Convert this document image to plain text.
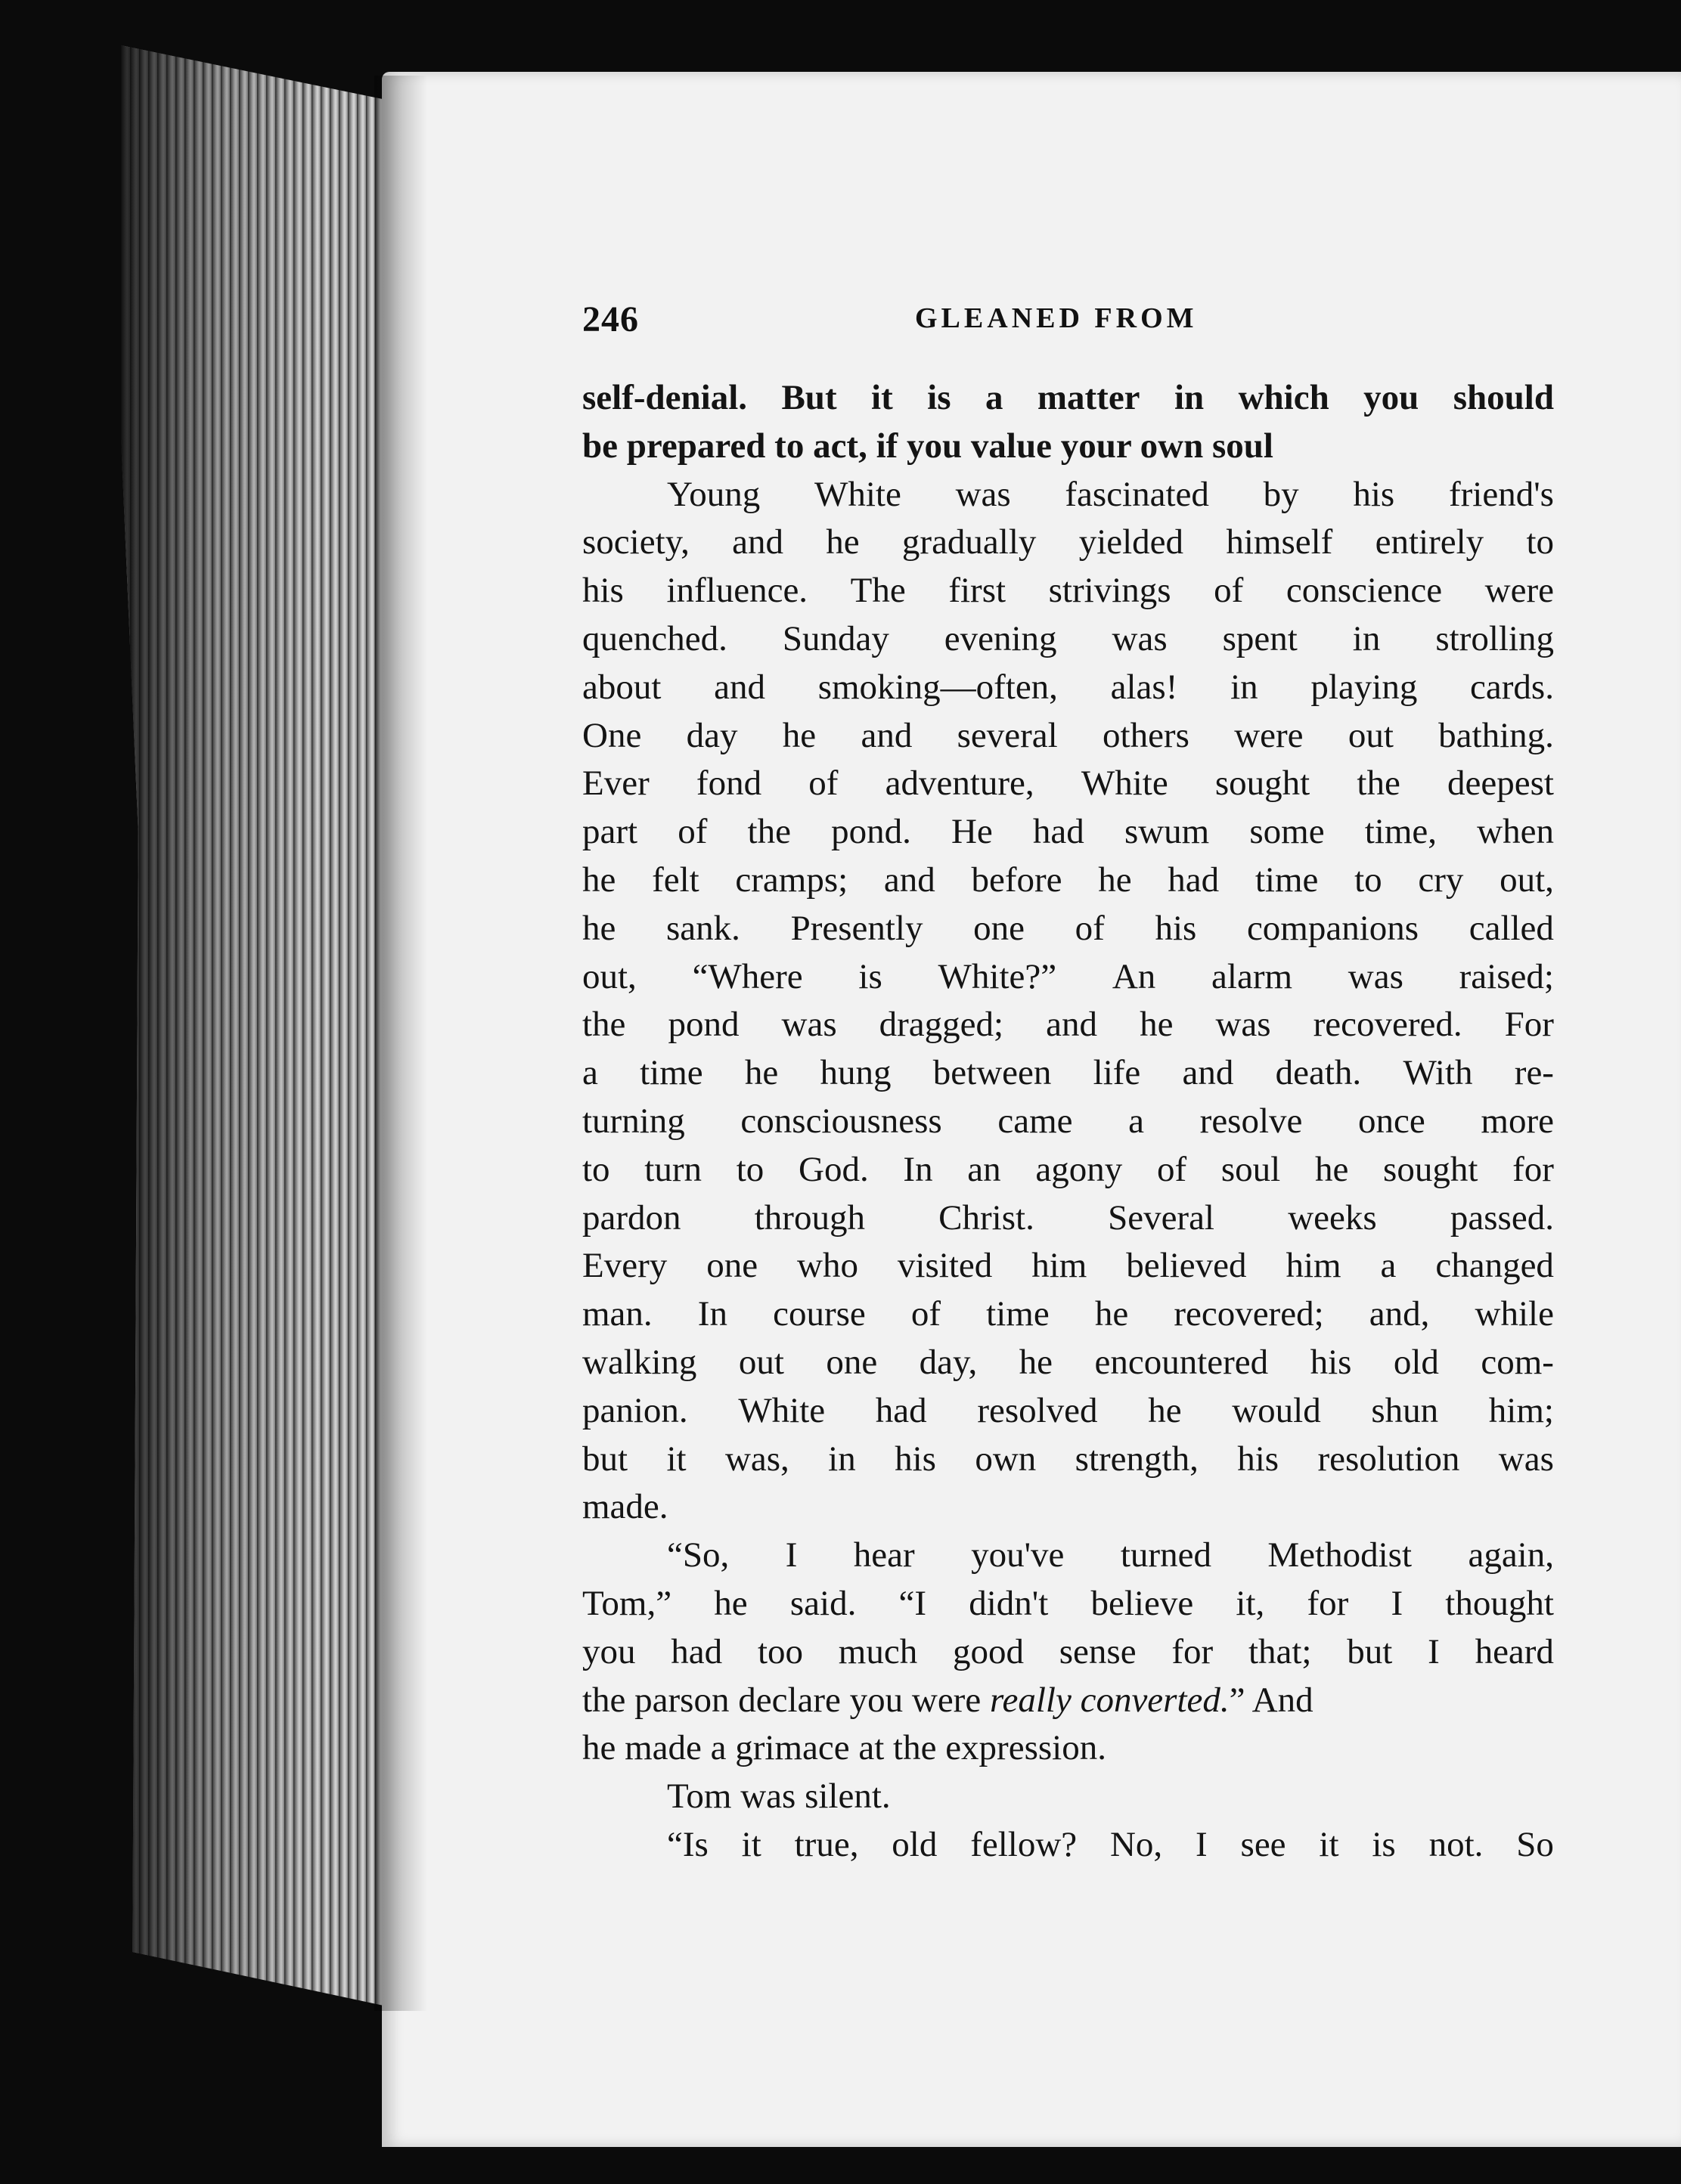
246	GLEANED FROM
self-denial. But it is a matter in which you should
be prepared to act, if you value your own soul
Young White was fascinated by his friend's
society, and he gradually yielded himself entirely to
his influence. The first strivings of conscience were
quenched. Sunday evening was spent in strolling
about and smoking—often, alas! in playing cards.
One day he and several others were out bathing.
Ever fond of adventure, White sought the deepest
part of the pond. He had swum some time, when
he felt cramps; and before he had time to cry out,
he sank. Presently one of his companions called
out, “Where is White?” An alarm was raised;
the pond was dragged; and he was recovered. For
a time he hung between life and death. With re-
turning consciousness came a resolve once more
to turn to God. In an agony of soul he sought for
pardon through Christ. Several weeks passed.
Every one who visited him believed him a changed
man. In course of time he recovered; and, while
walking out one day, he encountered his old com-
panion. White had resolved he would shun him;
but it was, in his own strength, his resolution was
made.
“So, I hear you've turned Methodist again,
Tom,” he said. “I didn't believe it, for I thought
you had too much good sense for that; but I heard
the parson declare you were really converted.” And
he made a grimace at the expression.
Tom was silent.
“Is it true, old fellow? No, I see it is not. So
